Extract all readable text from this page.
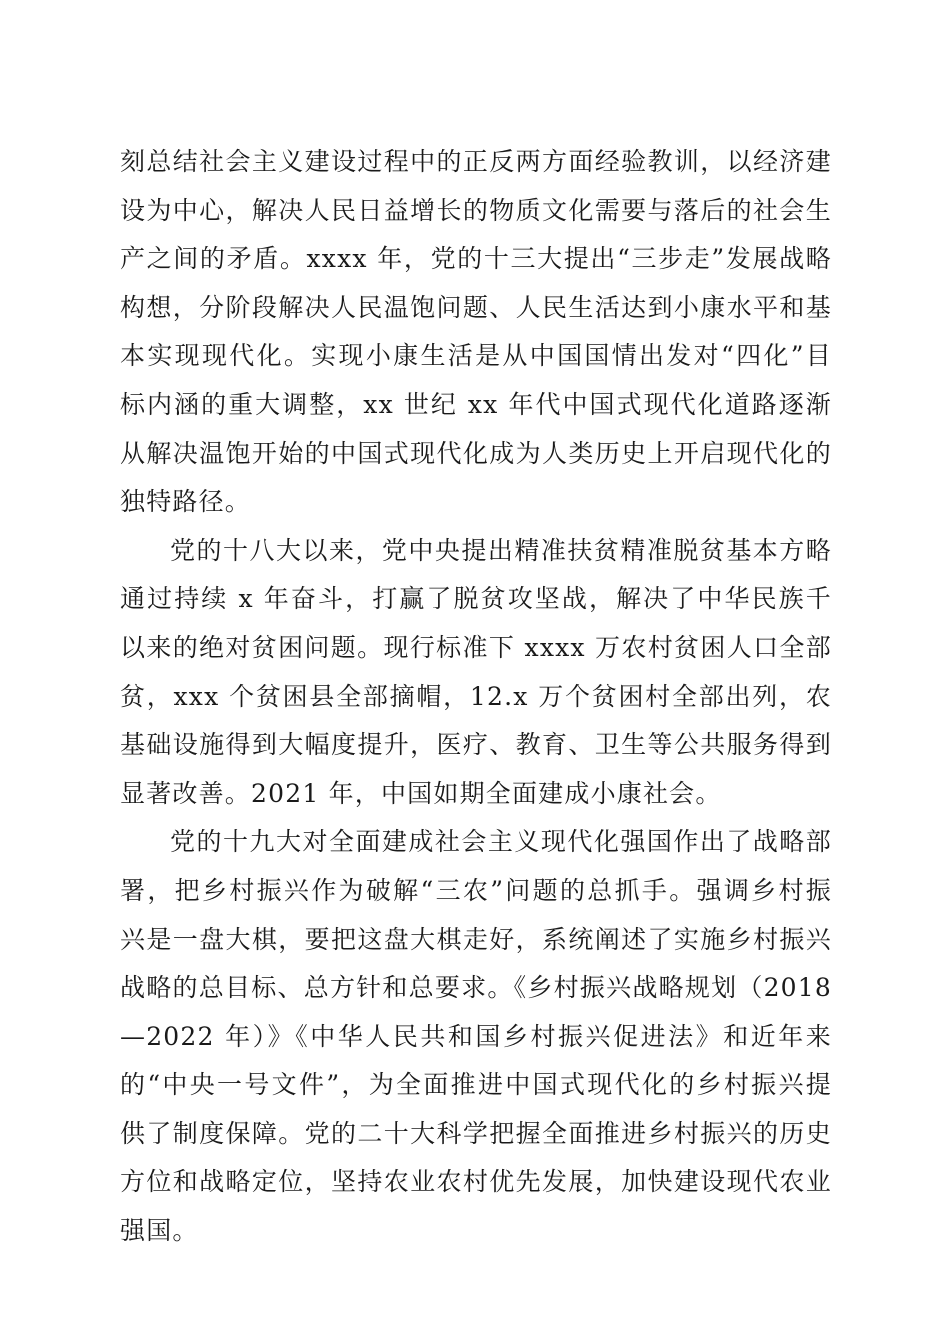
刻总结社会主义建设过程中的正反两方面经验教训，以经济建
设为中心，解决人民日益增长的物质文化需要与落后的社会生
产之间的矛盾。xxxx 年，党的十三大提出“三步走”发展战略
构想，分阶段解决人民温饱问题、人民生活达到小康水平和基
本实现现代化。实现小康生活是从中国国情出发对“四化”目
标内涵的重大调整，xx 世纪 xx 年代中国式现代化道路逐渐
从解决温饱开始的中国式现代化成为人类历史上开启现代化的
独特路径。
党的十八大以来，党中央提出精准扶贫精准脱贫基本方略
通过持续 x 年奋斗，打赢了脱贫攻坚战，解决了中华民族千
以来的绝对贫困问题。现行标准下 xxxx 万农村贫困人口全部
贫，xxx 个贫困县全部摘帽，12.x 万个贫困村全部出列，农
基础设施得到大幅度提升，医疗、教育、卫生等公共服务得到
显著改善。2021 年，中国如期全面建成小康社会。
党的十九大对全面建成社会主义现代化强国作出了战略部
署，把乡村振兴作为破解“三农”问题的总抓手。强调乡村振
兴是一盘大棋，要把这盘大棋走好，系统阐述了实施乡村振兴
战略的总目标、总方针和总要求。《乡村振兴战略规划（2018
—2022 年）》《中华人民共和国乡村振兴促进法》和近年来
的“中央一号文件”，为全面推进中国式现代化的乡村振兴提
供了制度保障。党的二十大科学把握全面推进乡村振兴的历史
方位和战略定位，坚持农业农村优先发展，加快建设现代农业
强国。
